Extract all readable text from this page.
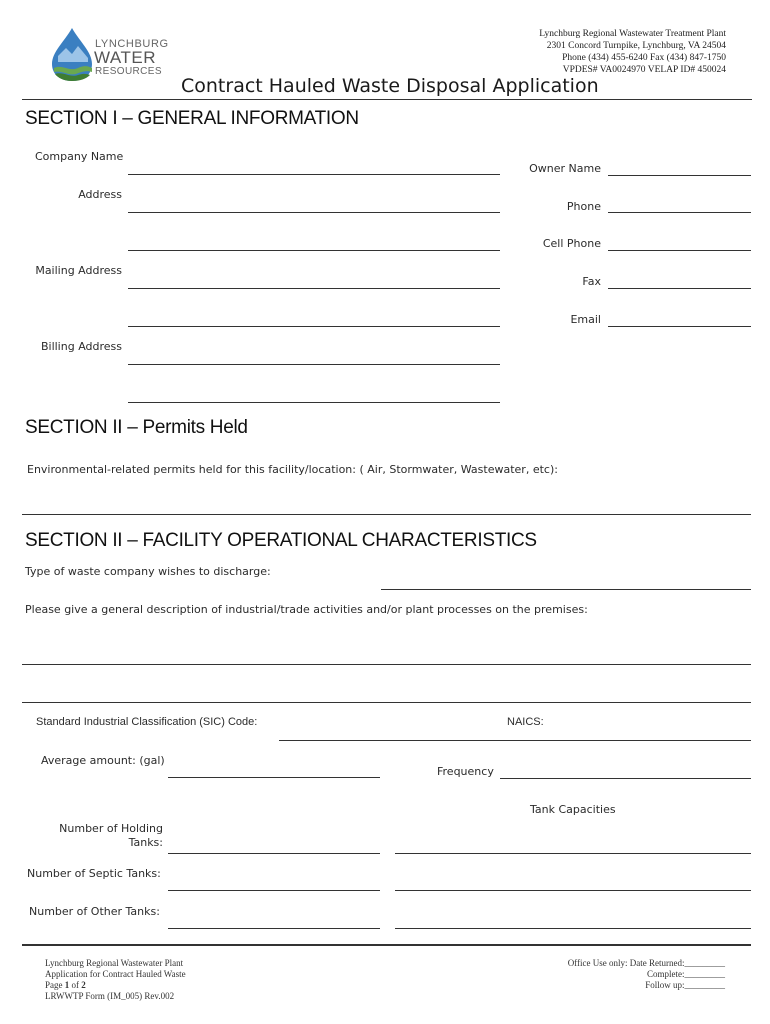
LYNCHBURG
WATER
RESOURCES
Lynchburg Regional Wastewater Treatment Plant
2301 Concord Turnpike, Lynchburg, VA 24504
Phone (434) 455-6240 Fax (434) 847-1750
VPDES# VA0024970 VELAP ID# 450024
Contract Hauled Waste Disposal Application
SECTION I – GENERAL INFORMATION
Company Name
Address
Mailing Address
Billing Address
Owner Name
Phone
Cell Phone
Fax
Email
SECTION II – Permits Held
Environmental-related permits held for this facility/location: ( Air, Stormwater, Wastewater, etc):
SECTION II – FACILITY OPERATIONAL CHARACTERISTICS
Type of waste company wishes to discharge:
Please give a general description of industrial/trade activities and/or plant processes on the premises:
Standard Industrial Classification (SIC) Code:	NAICS:
Average amount: (gal)
Frequency
Tank Capacities
Number of Holding
Tanks:
Number of Septic Tanks:
Number of Other Tanks:
Lynchburg Regional Wastewater Plant
Application for Contract Hauled Waste
Page 1 of 2
LRWWTP Form (IM_005) Rev.002
Office Use only: Date Returned:_________
Complete:_________
Follow up:_________
